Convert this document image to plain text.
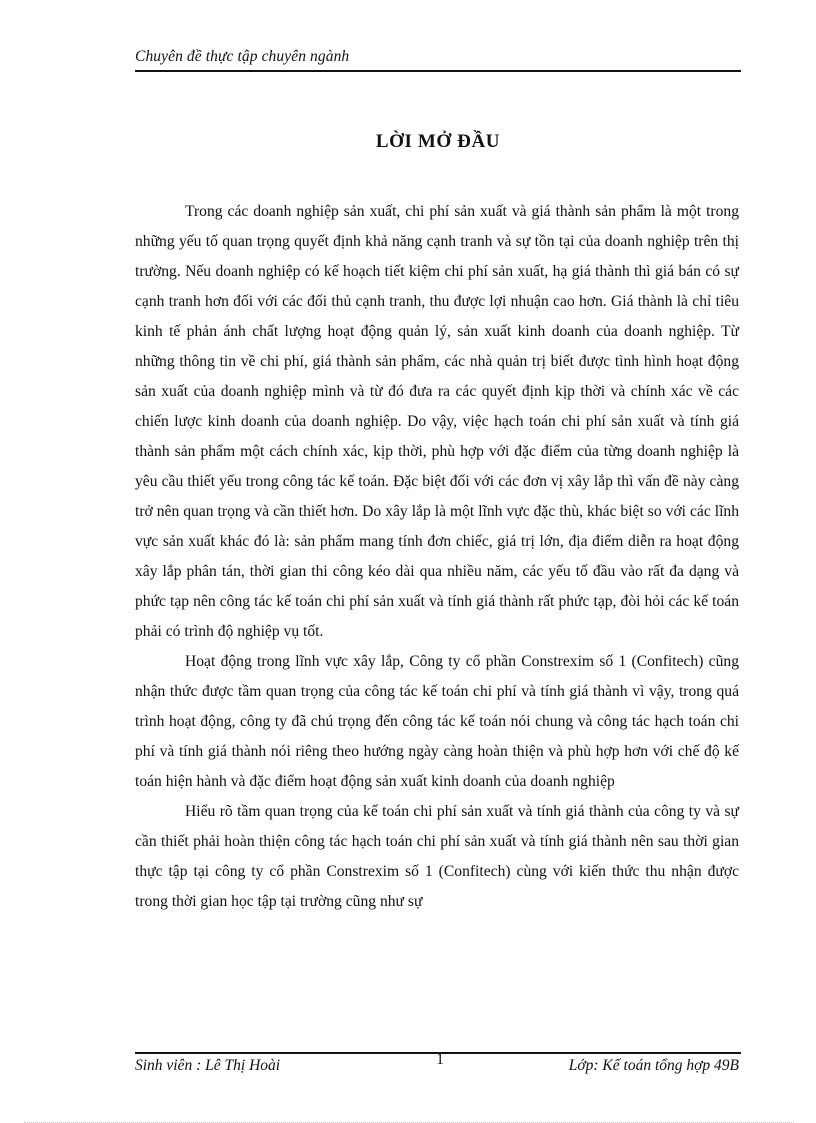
Chuyên đề thực tập chuyên ngành
LỜI MỞ ĐẦU

Trong các doanh nghiệp sản xuất, chi phí sản xuất và giá thành sản phẩm là một trong những yếu tố quan trọng quyết định khả năng cạnh tranh và sự tồn tại của doanh nghiệp trên thị trường. Nếu doanh nghiệp có kế hoạch tiết kiệm chi phí sản xuất, hạ giá thành thì giá bán có sự cạnh tranh hơn đối với các đối thủ cạnh tranh, thu được lợi nhuận cao hơn. Giá thành là chỉ tiêu kinh tế phản ánh chất lượng hoạt động quản lý, sản xuất kinh doanh của doanh nghiệp. Từ những thông tin về chi phí, giá thành sản phẩm, các nhà quản trị biết được tình hình hoạt động sản xuất của doanh nghiệp mình và từ đó đưa ra các quyết định kịp thời và chính xác về các chiến lược kinh doanh của doanh nghiệp. Do vậy, việc hạch toán chi phí sản xuất và tính giá thành sản phẩm một cách chính xác, kịp thời, phù hợp với đặc điểm của từng doanh nghiệp là yêu cầu thiết yếu trong công tác kế toán. Đặc biệt đối với các đơn vị xây lắp thì vấn đề này càng trở nên quan trọng và cần thiết hơn. Do xây lắp là một lĩnh vực đặc thù, khác biệt so với các lĩnh vực sản xuất khác đó là: sản phẩm mang tính đơn chiếc, giá trị lớn, địa điểm diễn ra hoạt động xây lắp phân tán, thời gian thi công kéo dài qua nhiều năm, các yếu tố đầu vào rất đa dạng và phức tạp nên công tác kế toán chi phí sản xuất và tính giá thành rất phức tạp, đòi hỏi các kế toán phải có trình độ nghiệp vụ tốt.

Hoạt động trong lĩnh vực xây lắp, Công ty cổ phần Constrexim số 1 (Confitech) cũng nhận thức được tầm quan trọng của công tác kế toán chi phí và tính giá thành vì vậy, trong quá trình hoạt động, công ty đã chú trọng đến công tác kế toán nói chung và công tác hạch toán chi phí và tính giá thành nói riêng theo hướng ngày càng hoàn thiện và phù hợp hơn với chế độ kế toán hiện hành và đặc điểm hoạt động sản xuất kinh doanh của doanh nghiệp

Hiểu rõ tầm quan trọng của kế toán chi phí sản xuất và tính giá thành của công ty và sự cần thiết phải hoàn thiện công tác hạch toán chi phí sản xuất và tính giá thành nên sau thời gian thực tập tại công ty cổ phần Constrexim số 1 (Confitech) cùng với kiến thức thu nhận được trong thời gian học tập tại trường cũng như sự

Sinh viên : Lê Thị Hoài	1	Lớp: Kế toán tổng hợp 49B
